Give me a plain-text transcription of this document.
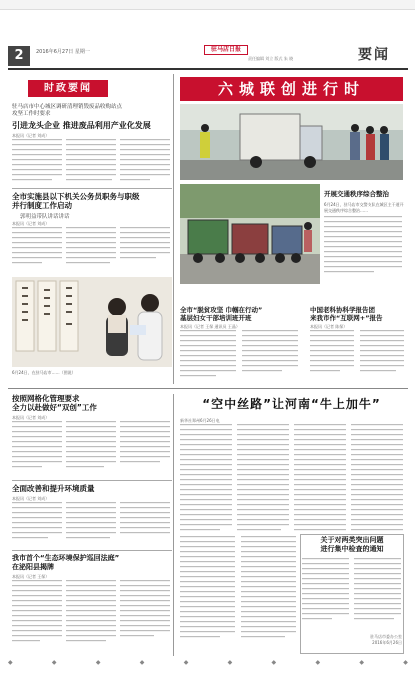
2	2016年6月27日 星期一	驻马店日报
责任编辑 刘立 版式 朱 晓	要闻
时政要闻
驻马店市中心城区调研清理销毁废品收购站点
攻坚工作时要求
引进龙头企业 推进废品利用产业化发展
本报讯（记者 刘成）
全市实施县以下机关公务员职务与职级
并行制度工作启动
郭明益带队讲话讲话
本报讯（记者 刘成）
6月24日，在驻马店市……（图说）
六城联创进行时
开展交通秩序综合整治
6月24日，驻马店市交警支队在城区主干道开展交通秩序综合整治……
全市“脱贫攻坚 巾帼在行动”
基层妇女干部培训班开班
本报讯（记者 王保 通讯员 王晶）
中国老科协科学报告团
来我市作“互联网+”报告
本报讯（记者 陈保）
按照网格化管理要求
全力以赴做好“双创”工作
本报讯（记者 刘成）
全面改善和提升环境质量
本报讯（记者 刘成）
我市首个“生态环境保护巡回法庭”
在泌阳县揭牌
本报讯（记者 王保）
“空中丝路”让河南“牛上加牛”
新华社郑州6月26日电
关于对两类突出问题
进行集中检查的通知
驻马店市委办公室
2016年6月26日
◆	◆	◆	◆	◆	◆	◆	◆	◆	◆
